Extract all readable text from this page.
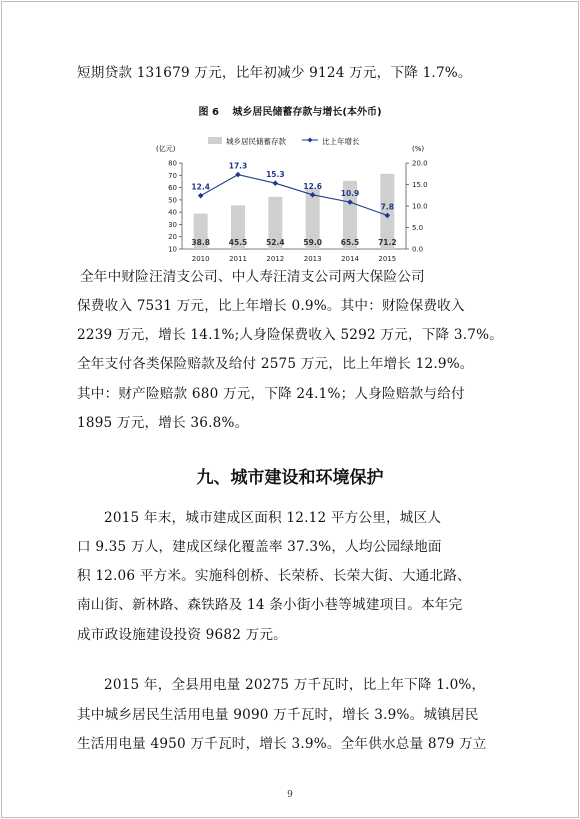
短期贷款 131679 万元，比年初减少 9124 万元，下降 1.7%。
图 6　 城乡居民储蓄存款与增长(本外币)
城乡居民储蓄存款	比上年增长
(亿元)	(%)
80
70
60
50
40
30
20
10
20.0
15.0
10.0
5.0
0.0
38.8	45.5	52.4	59.0	65.5	71.2
12.4
17.3
15.3
12.6
10.9
7.8
2010	2011	2012	2013	2014	2015
全年中财险汪清支公司、中人寿汪清支公司两大保险公司
保费收入 7531 万元，比上年增长 0.9%。其中：财险保费收入
2239 万元，增长 14.1%;人身险保费收入 5292 万元，下降 3.7%。
全年支付各类保险赔款及给付 2575 万元，比上年增长 12.9%。
其中：财产险赔款 680 万元，下降 24.1%；人身险赔款与给付
1895 万元，增长 36.8%。
九、城市建设和环境保护
2015 年末，城市建成区面积 12.12 平方公里，城区人
口 9.35 万人，建成区绿化覆盖率 37.3%，人均公园绿地面
积 12.06 平方米。实施科创桥、长荣桥、长荣大街、大通北路、
南山街、新林路、森铁路及 14 条小街小巷等城建项目。本年完
成市政设施建设投资 9682 万元。
2015 年，全县用电量 20275 万千瓦时，比上年下降 1.0%，
其中城乡居民生活用电量 9090 万千瓦时，增长 3.9%。城镇居民
生活用电量 4950 万千瓦时，增长 3.9%。全年供水总量 879 万立
9
